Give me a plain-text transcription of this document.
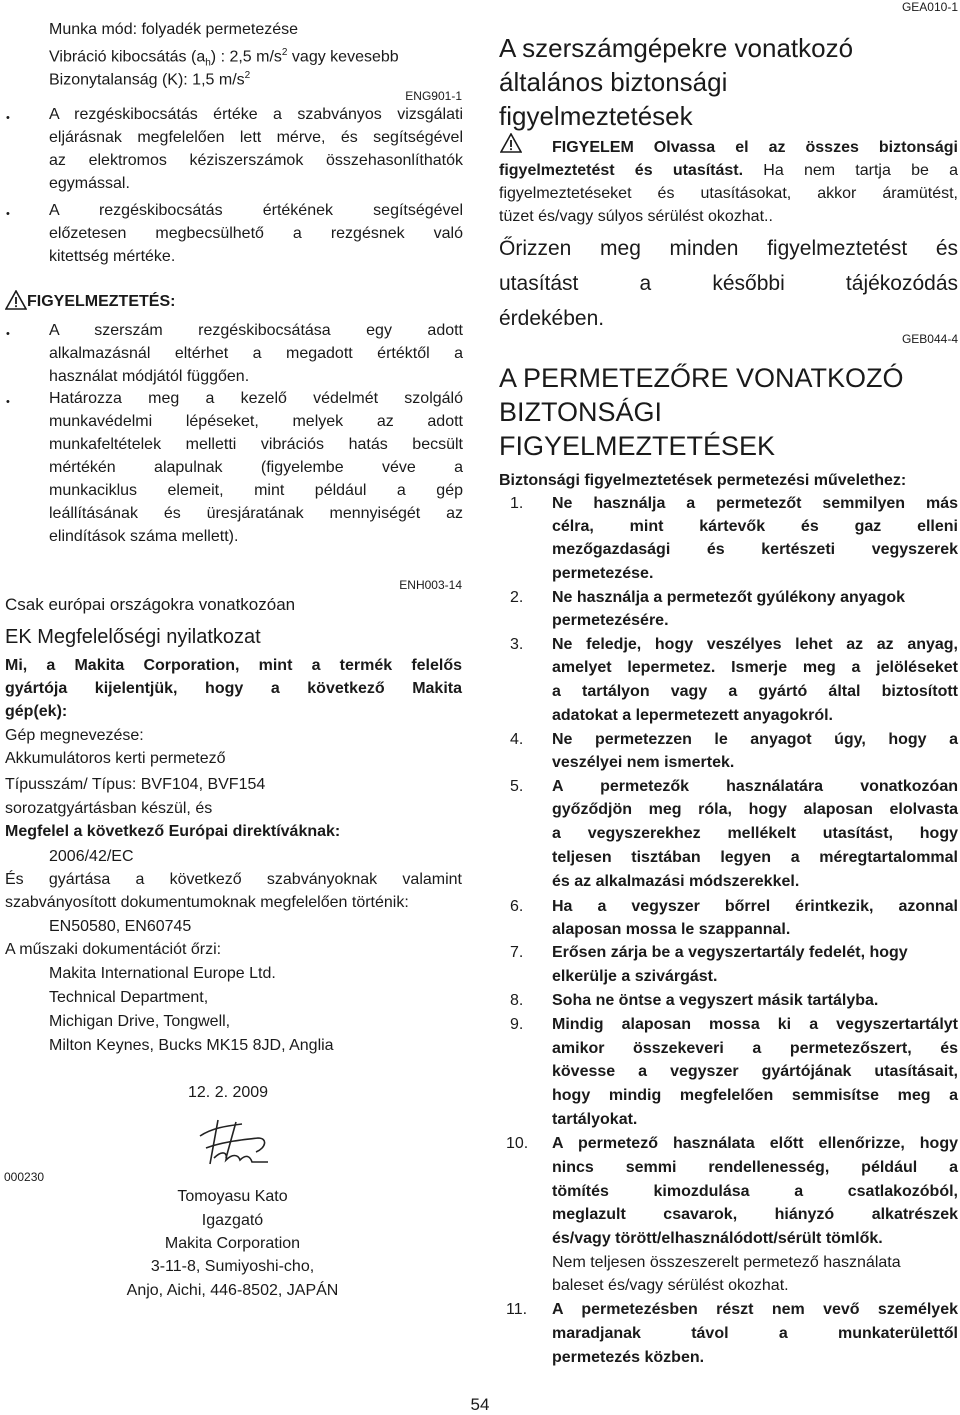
Munka mód: folyadék permetezése
Vibráció kibocsátás $(a_h)$ : 2,5 $m/s^2$ vagy kevesebb
Bizonytalanság (K): 1,5 $m/s^2$
ENG901-1
• A rezgéskibocsátás értéke a szabványos vizsgálati
eljárásnak megfelelően lett mérve, és segítségével
az elektromos kéziszerszámok összehasonlíthatók
egymással.
• A rezgéskibocsátás értékének segítségével
előzetesen megbecsülhető a rezgésnek való
kitettség mértéke.
FIGYELMEZTETÉS:
• A szerszám rezgéskibocsátása egy adott
alkalmazásnál eltérhet a megadott értéktől a
használat módjától függően.
• Határozza meg a kezelő védelmét szolgáló
munkavédelmi lépéseket, melyek az adott
munkafeltételek melletti vibrációs hatás becsült
mértékén alapulnak (figyelembe véve a
munkaciklus elemeit, mint például a gép
leállításának és üresjáratának mennyiségét az
elindítások száma mellett).
ENH003-14
Csak európai országokra vonatkozóan
EK Megfelelőségi nyilatkozat
Mi, a Makita Corporation, mint a termék felelős
gyártója kijelentjük, hogy a következő Makita
gép(ek):
Gép megnevezése:
Akkumulátoros kerti permetező
Típusszám/ Típus: BVF104, BVF154
sorozatgyártásban készül, és
Megfelel a következő Európai direktíváknak:
2006/42/EC
És gyártása a következő szabványoknak valamint
szabványosított dokumentumoknak megfelelően történik:
EN50580, EN60745
A műszaki dokumentációt őrzi:
Makita International Europe Ltd.
Technical Department,
Michigan Drive, Tongwell,
Milton Keynes, Bucks MK15 8JD, Anglia
12. 2. 2009
000230
Tomoyasu Kato
Igazgató
Makita Corporation
3-11-8, Sumiyoshi-cho,
Anjo, Aichi, 446-8502, JAPÁN
GEA010-1
A szerszámgépekre vonatkozó
általános biztonsági
figyelmeztetések
FIGYELEM Olvassa el az összes biztonsági
figyelmeztetést és utasítást. Ha nem tartja be a
figyelmeztetéseket és utasításokat, akkor áramütést,
tüzet és/vagy súlyos sérülést okozhat..
Őrizzen meg minden figyelmeztetést és
utasítást a későbbi tájékozódás
érdekében.
GEB044-4
A PERMETEZŐRE VONATKOZÓ
BIZTONSÁGI
FIGYELMEZTETÉSEK
Biztonsági figyelmeztetések permetezési művelethez:
1. Ne használja a permetezőt semmilyen más
célra, mint kártevők és gaz elleni
mezőgazdasági és kertészeti vegyszerek
permetezése.
2. Ne használja a permetezőt gyúlékony anyagok
permetezésére.
3. Ne feledje, hogy veszélyes lehet az az anyag,
amelyet lepermetez. Ismerje meg a jelöléseket
a tartályon vagy a gyártó által biztosított
adatokat a lepermetezett anyagokról.
4. Ne permetezzen le anyagot úgy, hogy a
veszélyei nem ismertek.
5. A permetezők használatára vonatkozóan
győződjön meg róla, hogy alaposan elolvasta
a vegyszerekhez mellékelt utasítást, hogy
teljesen tisztában legyen a méregtartalommal
és az alkalmazási módszerekkel.
6. Ha a vegyszer bőrrel érintkezik, azonnal
alaposan mossa le szappannal.
7. Erősen zárja be a vegyszertartály fedelét, hogy
elkerülje a szivárgást.
8. Soha ne öntse a vegyszert másik tartályba.
9. Mindig alaposan mossa ki a vegyszertartályt
amikor összekeveri a permetezőszert, és
kövesse a vegyszer gyártójának utasításait,
hogy mindig megfelelően semmisítse meg a
tartályokat.
10. A permetező használata előtt ellenőrizze, hogy
nincs semmi rendellenesség, például a
tömítés kimozdulása a csatlakozóból,
meglazult csavarok, hiányzó alkatrészek
és/vagy törött/elhasználódott/sérült tömlők.
Nem teljesen összeszerelt permetező használata
baleset és/vagy sérülést okozhat.
11. A permetezésben részt nem vevő személyek
maradjanak távol a munkaterülettől
permetezés közben.
54
